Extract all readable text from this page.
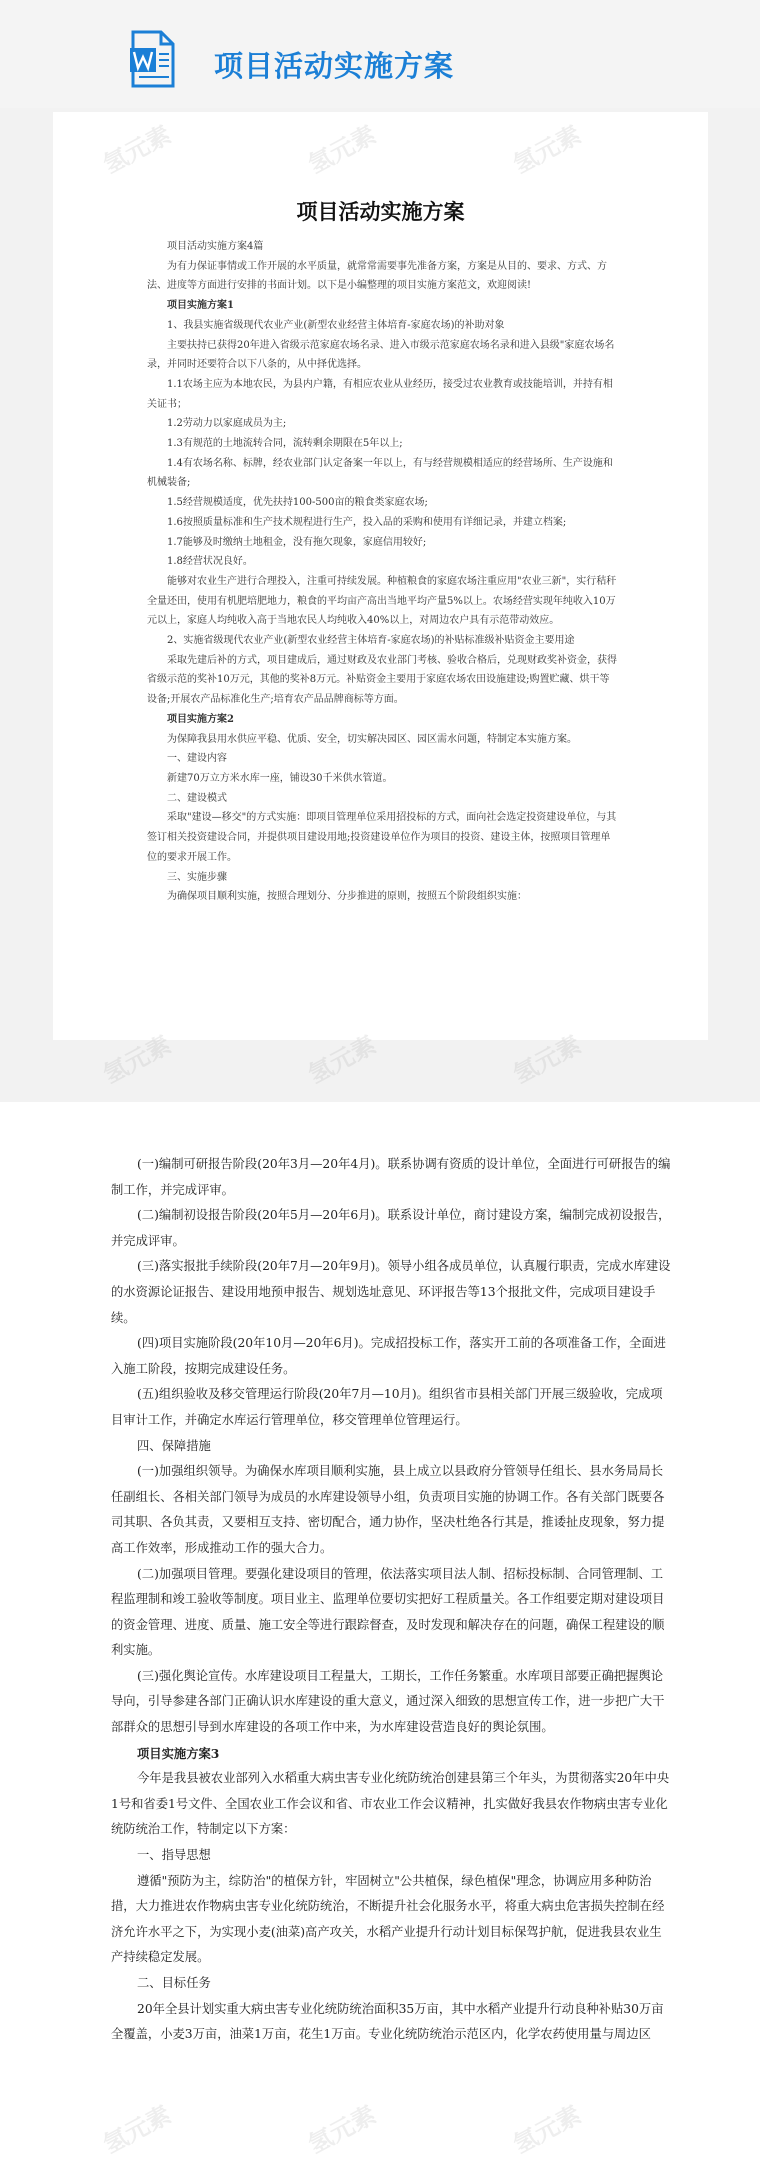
项目活动实施方案
项目活动实施方案

项目活动实施方案4篇

为有力保证事情或工作开展的水平质量，就常常需要事先准备方案，方案是从目的、要求、方式、方法、进度等方面进行安排的书面计划。以下是小编整理的项目实施方案范文，欢迎阅读!

项目实施方案1

1、我县实施省级现代农业产业(新型农业经营主体培育-家庭农场)的补助对象

主要扶持已获得20年进入省级示范家庭农场名录、进入市级示范家庭农场名录和进入县级"家庭农场名录，并同时还要符合以下八条的，从中择优选择。

1.1农场主应为本地农民，为县内户籍，有相应农业从业经历，接受过农业教育或技能培训，并持有相关证书；

1.2劳动力以家庭成员为主;

1.3有规范的土地流转合同，流转剩余期限在5年以上;

1.4有农场名称、标牌，经农业部门认定备案一年以上，有与经营规模相适应的经营场所、生产设施和机械装备;

1.5经营规模适度，优先扶持100-500亩的粮食类家庭农场;

1.6按照质量标准和生产技术规程进行生产，投入品的采购和使用有详细记录，并建立档案;

1.7能够及时缴纳土地租金，没有拖欠现象，家庭信用较好;

1.8经营状况良好。

能够对农业生产进行合理投入，注重可持续发展。种植粮食的家庭农场注重应用"农业三新"，实行秸秆全量还田，使用有机肥培肥地力，粮食的平均亩产高出当地平均产量5%以上。农场经营实现年纯收入10万元以上，家庭人均纯收入高于当地农民人均纯收入40%以上，对周边农户具有示范带动效应。

2、实施省级现代农业产业(新型农业经营主体培育-家庭农场)的补贴标准级补贴资金主要用途

采取先建后补的方式，项目建成后，通过财政及农业部门考核、验收合格后，兑现财政奖补资金，获得省级示范的奖补10万元，其他的奖补8万元。补贴资金主要用于家庭农场农田设施建设;购置贮藏、烘干等设备;开展农产品标准化生产;培育农产品品牌商标等方面。

项目实施方案2

为保障我县用水供应平稳、优质、安全，切实解决园区、园区需水问题，特制定本实施方案。

一、建设内容

新建70万立方米水库一座，铺设30千米供水管道。

二、建设模式

采取"建设—移交"的方式实施：即项目管理单位采用招投标的方式，面向社会选定投资建设单位，与其签订相关投资建设合同，并提供项目建设用地;投资建设单位作为项目的投资、建设主体，按照项目管理单位的要求开展工作。

三、实施步骤

为确保项目顺利实施，按照合理划分、分步推进的原则，按照五个阶段组织实施：

(一)编制可研报告阶段(20年3月—20年4月)。联系协调有资质的设计单位，全面进行可研报告的编制工作，并完成评审。

(二)编制初设报告阶段(20年5月—20年6月)。联系设计单位，商讨建设方案，编制完成初设报告，并完成评审。

(三)落实报批手续阶段(20年7月—20年9月)。领导小组各成员单位，认真履行职责，完成水库建设的水资源论证报告、建设用地预申报告、规划选址意见、环评报告等13个报批文件，完成项目建设手续。

(四)项目实施阶段(20年10月—20年6月)。完成招投标工作，落实开工前的各项准备工作，全面进入施工阶段，按期完成建设任务。

(五)组织验收及移交管理运行阶段(20年7月—10月)。组织省市县相关部门开展三级验收，完成项目审计工作，并确定水库运行管理单位，移交管理单位管理运行。

四、保障措施

(一)加强组织领导。为确保水库项目顺利实施，县上成立以县政府分管领导任组长、县水务局局长任副组长、各相关部门领导为成员的水库建设领导小组，负责项目实施的协调工作。各有关部门既要各司其职、各负其责，又要相互支持、密切配合，通力协作，坚决杜绝各行其是，推诿扯皮现象，努力提高工作效率，形成推动工作的强大合力。

(二)加强项目管理。要强化建设项目的管理，依法落实项目法人制、招标投标制、合同管理制、工程监理制和竣工验收等制度。项目业主、监理单位要切实把好工程质量关。各工作组要定期对建设项目的资金管理、进度、质量、施工安全等进行跟踪督查，及时发现和解决存在的问题，确保工程建设的顺利实施。

(三)强化舆论宣传。水库建设项目工程量大，工期长，工作任务繁重。水库项目部要正确把握舆论导向，引导参建各部门正确认识水库建设的重大意义，通过深入细致的思想宣传工作，进一步把广大干部群众的思想引导到水库建设的各项工作中来，为水库建设营造良好的舆论氛围。

项目实施方案3

今年是我县被农业部列入水稻重大病虫害专业化统防统治创建县第三个年头，为贯彻落实20年中央1号和省委1号文件、全国农业工作会议和省、市农业工作会议精神，扎实做好我县农作物病虫害专业化统防统治工作，特制定以下方案：

一、指导思想

遵循"预防为主，综防治"的植保方针，牢固树立"公共植保，绿色植保"理念，协调应用多种防治措，大力推进农作物病虫害专业化统防统治，不断提升社会化服务水平，将重大病虫危害损失控制在经济允许水平之下，为实现小麦(油菜)高产攻关，水稻产业提升行动计划目标保驾护航，促进我县农业生产持续稳定发展。

二、目标任务

20年全县计划实重大病虫害专业化统防统治面积35万亩，其中水稻产业提升行动良种补贴30万亩全覆盖，小麦3万亩，油菜1万亩，花生1万亩。专业化统防统治示范区内，化学农药使用量与周边区

氢元素	氢元素	氢元素
